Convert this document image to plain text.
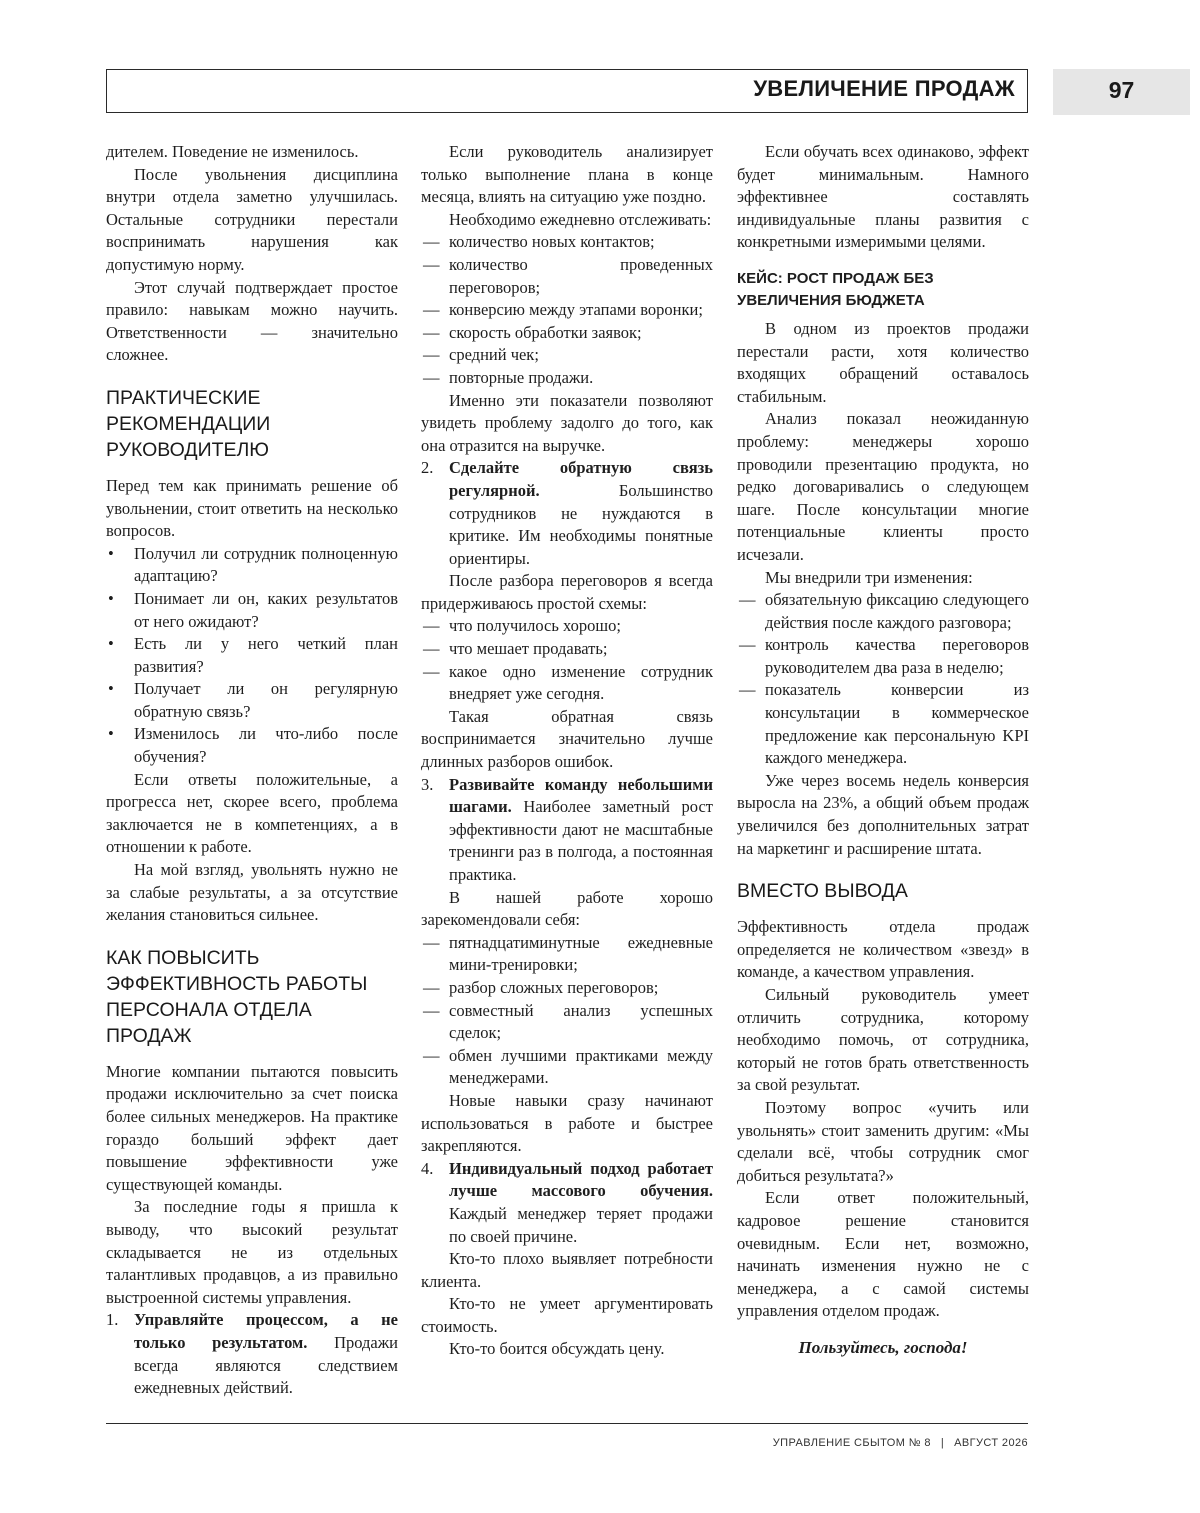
УВЕЛИЧЕНИЕ ПРОДАЖ	97

дителем. Поведение не изменилось.

После увольнения дисциплина внутри отдела заметно улучшилась. Остальные сотрудники перестали воспринимать нарушения как допустимую норму.

Этот случай подтверждает простое правило: навыкам можно научить. Ответственности — значительно сложнее.

ПРАКТИЧЕСКИЕ РЕКОМЕНДАЦИИ РУКОВОДИТЕЛЮ

Перед тем как принимать решение об увольнении, стоит ответить на несколько вопросов.

• Получил ли сотрудник полноценную адаптацию?
• Понимает ли он, каких результатов от него ожидают?
• Есть ли у него четкий план развития?
• Получает ли он регулярную обратную связь?
• Изменилось ли что-либо после обучения?

Если ответы положительные, а прогресса нет, скорее всего, проблема заключается не в компетенциях, а в отношении к работе.

На мой взгляд, увольнять нужно не за слабые результаты, а за отсутствие желания становиться сильнее.

КАК ПОВЫСИТЬ ЭФФЕКТИВНОСТЬ РАБОТЫ ПЕРСОНАЛА ОТДЕЛА ПРОДАЖ

Многие компании пытаются повысить продажи исключительно за счет поиска более сильных менеджеров. На практике гораздо больший эффект дает повышение эффективности уже существующей команды.

За последние годы я пришла к выводу, что высокий результат складывается не из отдельных талантливых продавцов, а из правильно выстроенной системы управления.

1. Управляйте процессом, а не только результатом. Продажи всегда являются следствием ежедневных действий.

Если руководитель анализирует только выполнение плана в конце месяца, влиять на ситуацию уже поздно.

Необходимо ежедневно отслеживать:

— количество новых контактов;
— количество проведенных переговоров;
— конверсию между этапами воронки;
— скорость обработки заявок;
— средний чек;
— повторные продажи.

Именно эти показатели позволяют увидеть проблему задолго до того, как она отразится на выручке.

2. Сделайте обратную связь регулярной. Большинство сотрудников не нуждаются в критике. Им необходимы понятные ориентиры.

После разбора переговоров я всегда придерживаюсь простой схемы:

— что получилось хорошо;
— что мешает продавать;
— какое одно изменение сотрудник внедряет уже сегодня.

Такая обратная связь воспринимается значительно лучше длинных разборов ошибок.

3. Развивайте команду небольшими шагами. Наиболее заметный рост эффективности дают не масштабные тренинги раз в полгода, а постоянная практика.

В нашей работе хорошо зарекомендовали себя:

— пятнадцатиминутные ежедневные мини-тренировки;
— разбор сложных переговоров;
— совместный анализ успешных сделок;
— обмен лучшими практиками между менеджерами.

Новые навыки сразу начинают использоваться в работе и быстрее закрепляются.

4. Индивидуальный подход работает лучше массового обучения. Каждый менеджер теряет продажи по своей причине.

Кто-то плохо выявляет потребности клиента.

Кто-то не умеет аргументировать стоимость.

Кто-то боится обсуждать цену.

Если обучать всех одинаково, эффект будет минимальным. Намного эффективнее составлять индивидуальные планы развития с конкретными измеримыми целями.

КЕЙС: РОСТ ПРОДАЖ БЕЗ УВЕЛИЧЕНИЯ БЮДЖЕТА

В одном из проектов продажи перестали расти, хотя количество входящих обращений оставалось стабильным.

Анализ показал неожиданную проблему: менеджеры хорошо проводили презентацию продукта, но редко договаривались о следующем шаге. После консультации многие потенциальные клиенты просто исчезали.

Мы внедрили три изменения:

— обязательную фиксацию следующего действия после каждого разговора;
— контроль качества переговоров руководителем два раза в неделю;
— показатель конверсии из консультации в коммерческое предложение как персональную KPI каждого менеджера.

Уже через восемь недель конверсия выросла на 23%, а общий объем продаж увеличился без дополнительных затрат на маркетинг и расширение штата.

ВМЕСТО ВЫВОДА

Эффективность отдела продаж определяется не количеством «звезд» в команде, а качеством управления.

Сильный руководитель умеет отличить сотрудника, которому необходимо помочь, от сотрудника, который не готов брать ответственность за свой результат.

Поэтому вопрос «учить или увольнять» стоит заменить другим: «Мы сделали всё, чтобы сотрудник смог добиться результата?»

Если ответ положительный, кадровое решение становится очевидным. Если нет, возможно, начинать изменения нужно не с менеджера, а с самой системы управления отделом продаж.

Пользуйтесь, господа!
УПРАВЛЕНИЕ СБЫТОМ № 8 | АВГУСТ 2026
